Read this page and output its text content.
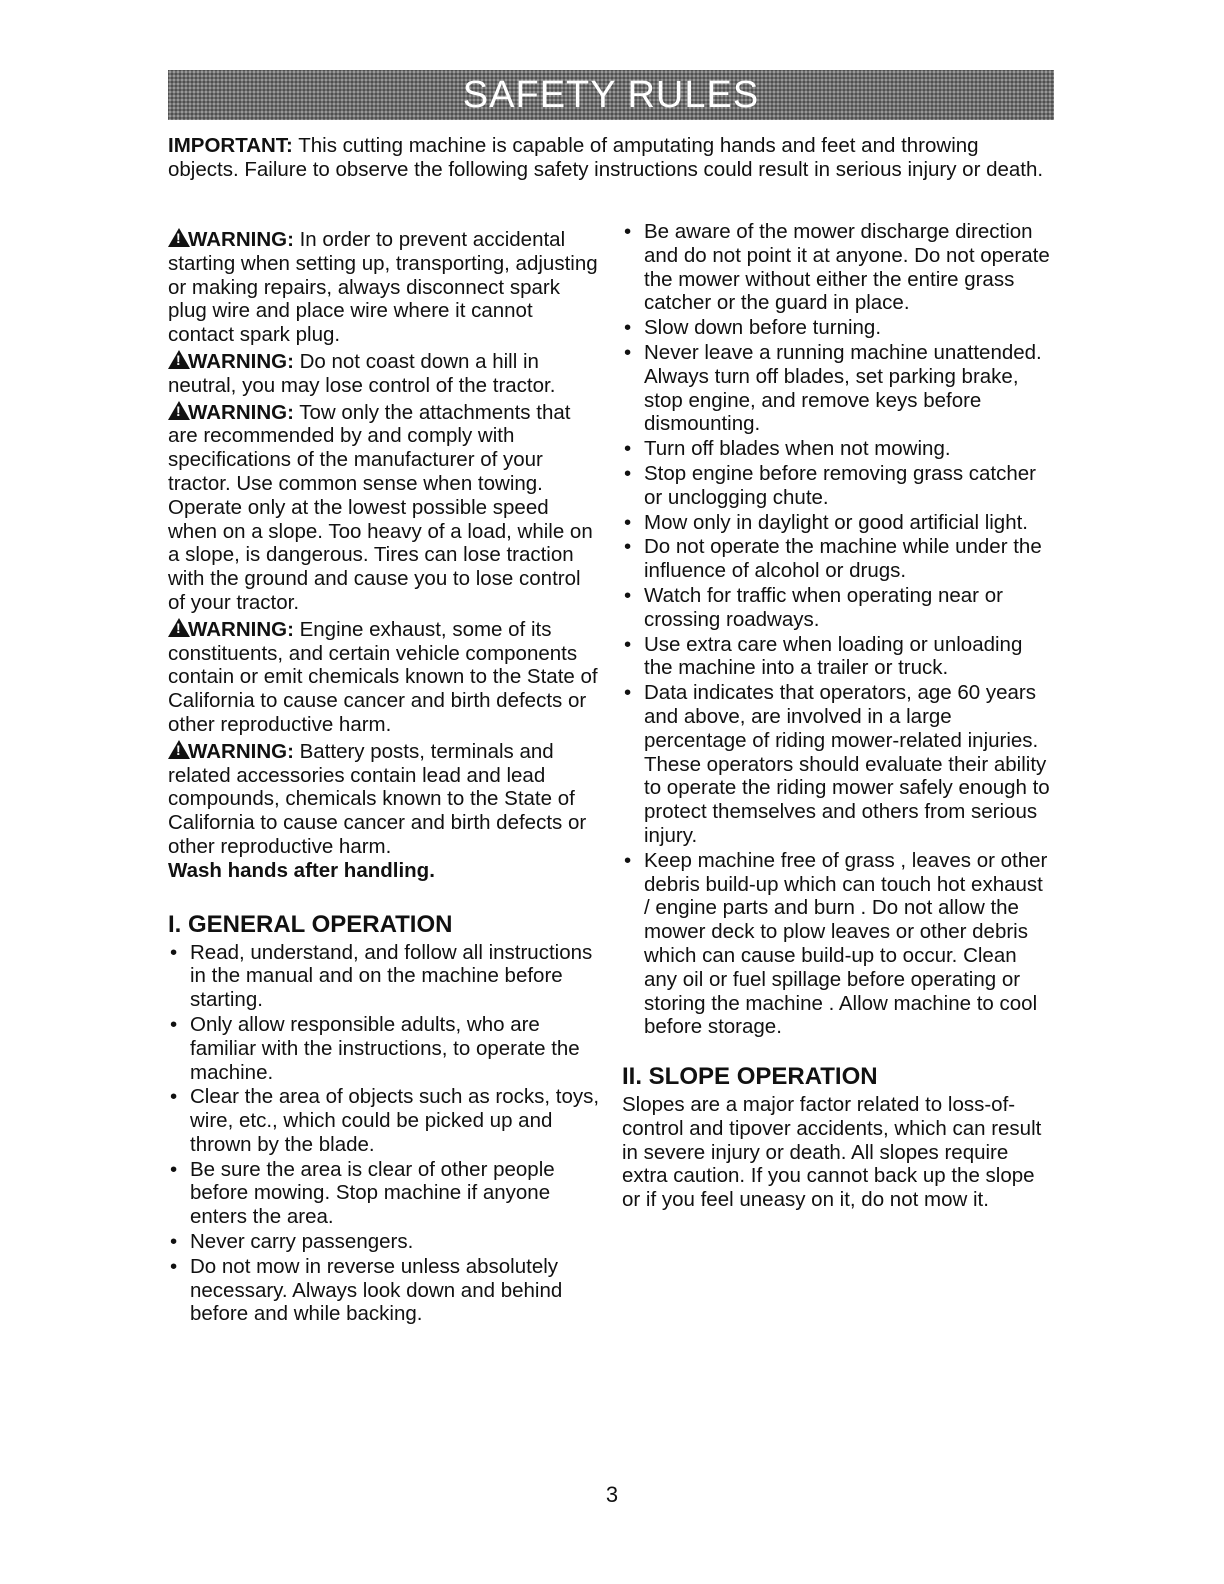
SAFETY RULES
IMPORTANT: This cutting machine is capable of amputating hands and feet and throwing objects. Failure to observe the following safety instructions could result in serious injury or death.

!WARNING: In order to prevent accidental starting when setting up, transporting, adjusting or making repairs, always disconnect spark plug wire and place wire where it cannot contact spark plug.

!WARNING: Do not coast down a hill in neutral, you may lose control of the tractor.

!WARNING: Tow only the attachments that are recommended by and comply with specifications of the manufacturer of your tractor. Use common sense when towing. Operate only at the lowest possible speed when on a slope. Too heavy of a load, while on a slope, is dangerous. Tires can lose traction with the ground and cause you to lose control of your tractor.

!WARNING: Engine exhaust, some of its constituents, and certain vehicle components contain or emit chemicals known to the State of California to cause cancer and birth defects or other reproductive harm.

!WARNING: Battery posts, terminals and related accessories contain lead and lead compounds, chemicals known to the State of California to cause cancer and birth defects or other reproductive harm.

Wash hands after handling.
I. GENERAL OPERATION
• Read, understand, and follow all instructions in the manual and on the machine before starting.
• Only allow responsible adults, who are familiar with the instructions, to operate the machine.
• Clear the area of objects such as rocks, toys, wire, etc., which could be picked up and thrown by the blade.
• Be sure the area is clear of other people before mowing. Stop machine if anyone enters the area.
• Never carry passengers.
• Do not mow in reverse unless absolutely necessary. Always look down and behind before and while backing.
• Be aware of the mower discharge direction and do not point it at anyone. Do not operate the mower without either the entire grass catcher or the guard in place.
• Slow down before turning.
• Never leave a running machine unattended. Always turn off blades, set parking brake, stop engine, and remove keys before dismounting.
• Turn off blades when not mowing.
• Stop engine before removing grass catcher or unclogging chute.
• Mow only in daylight or good artificial light.
• Do not operate the machine while under the influence of alcohol or drugs.
• Watch for traffic when operating near or crossing roadways.
• Use extra care when loading or unloading the machine into a trailer or truck.
• Data indicates that operators, age 60 years and above, are involved in a large percentage of riding mower-related injuries. These operators should evaluate their ability to operate the riding mower safely enough to protect themselves and others from serious injury.
• Keep machine free of grass , leaves or other debris build-up which can touch hot exhaust / engine parts and burn . Do not allow the mower deck to plow leaves or other debris which can cause build-up to occur. Clean any oil or fuel spillage before operating or storing the machine . Allow machine to cool before storage.
II. SLOPE OPERATION

Slopes are a major factor related to loss-of-control and tipover accidents, which can result in severe injury or death. All slopes require extra caution. If you cannot back up the slope or if you feel uneasy on it, do not mow it.

3
